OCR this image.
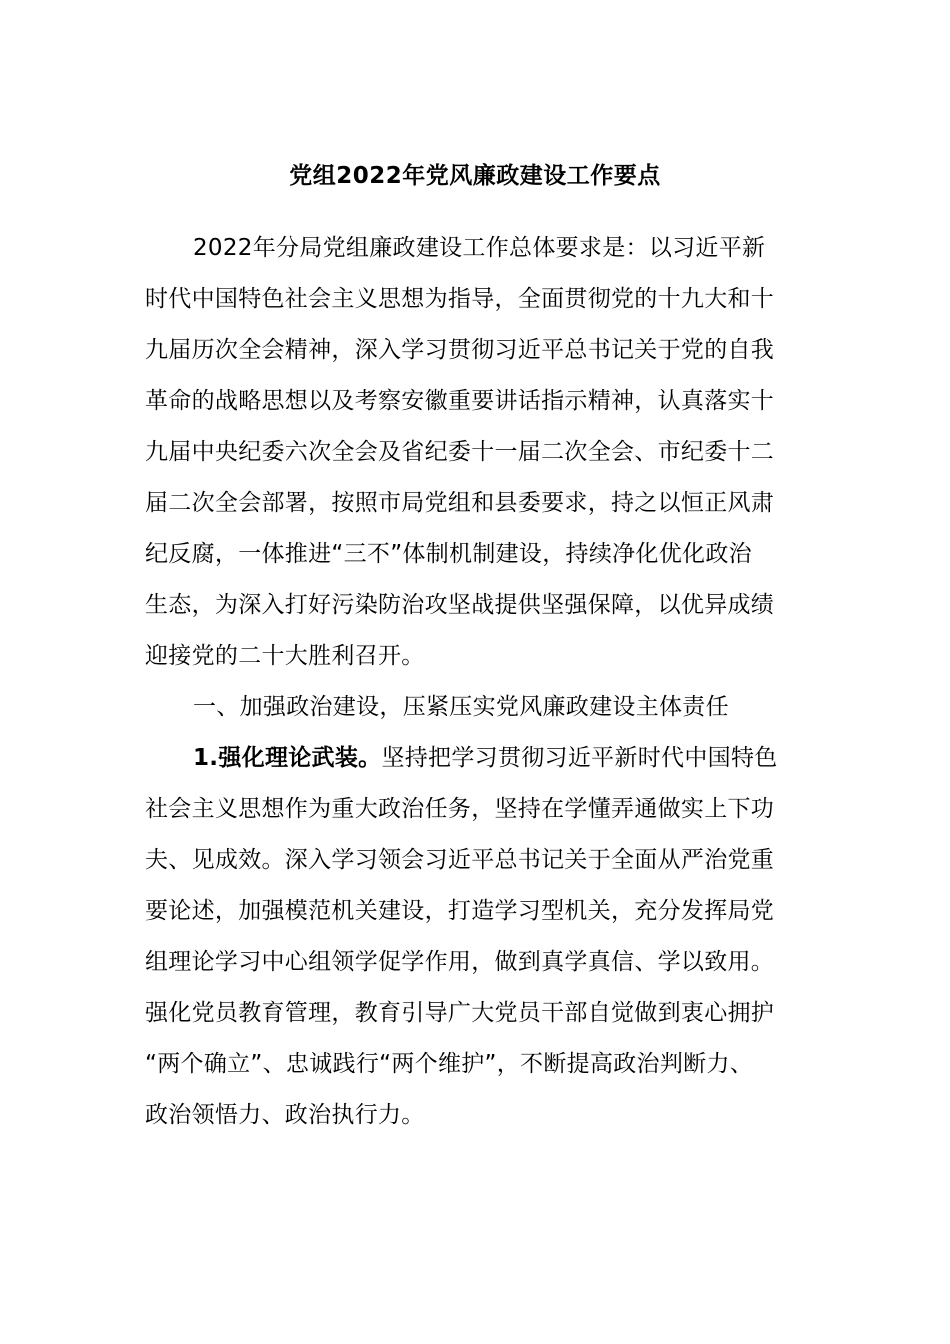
党组2022年党风廉政建设工作要点
2022年分局党组廉政建设工作总体要求是：以习近平新
时代中国特色社会主义思想为指导，全面贯彻党的十九大和十
九届历次全会精神，深入学习贯彻习近平总书记关于党的自我
革命的战略思想以及考察安徽重要讲话指示精神，认真落实十
九届中央纪委六次全会及省纪委十一届二次全会、市纪委十二
届二次全会部署，按照市局党组和县委要求，持之以恒正风肃
纪反腐，一体推进“三不”体制机制建设，持续净化优化政治
生态，为深入打好污染防治攻坚战提供坚强保障，以优异成绩
迎接党的二十大胜利召开。
一、加强政治建设，压紧压实党风廉政建设主体责任
1.强化理论武装。坚持把学习贯彻习近平新时代中国特色
社会主义思想作为重大政治任务，坚持在学懂弄通做实上下功
夫、见成效。深入学习领会习近平总书记关于全面从严治党重
要论述，加强模范机关建设，打造学习型机关，充分发挥局党
组理论学习中心组领学促学作用，做到真学真信、学以致用。
强化党员教育管理，教育引导广大党员干部自觉做到衷心拥护
“两个确立”、忠诚践行“两个维护”，不断提高政治判断力、
政治领悟力、政治执行力。
